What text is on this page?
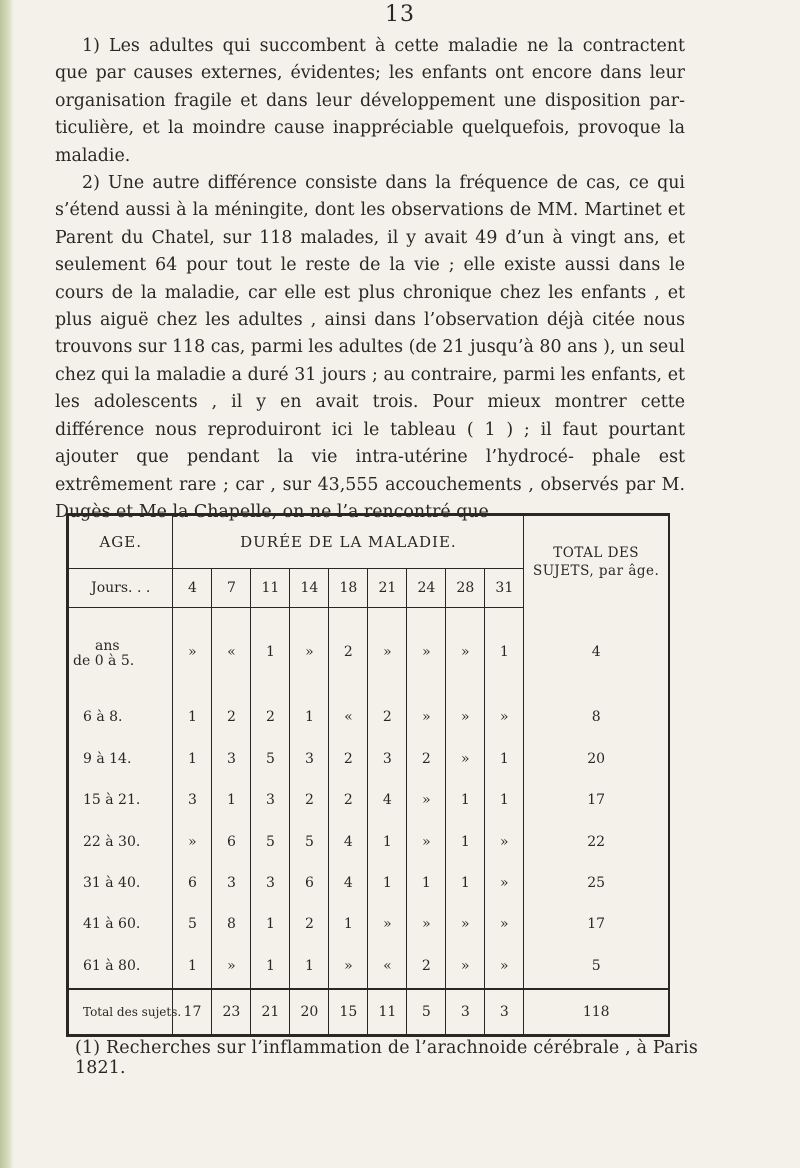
13

1) Les adultes qui succombent à cette maladie ne la contractent que par causes externes, évidentes; les enfants ont encore dans leur organisation fragile et dans leur développement une disposition par- ticulière, et la moindre cause inappréciable quelquefois, provoque la maladie.

2) Une autre différence consiste dans la fréquence de cas, ce qui s’étend aussi à la méningite, dont les observations de MM. Martinet et Parent du Chatel, sur 118 malades, il y avait 49 d’un à vingt ans, et seulement 64 pour tout le reste de la vie ; elle existe aussi dans le cours de la maladie, car elle est plus chronique chez les enfants , et plus aiguë chez les adultes , ainsi dans l’observation déjà citée nous trouvons sur 118 cas, parmi les adultes (de 21 jusqu’à 80 ans ), un seul chez qui la maladie a duré 31 jours ; au contraire, parmi les enfants, et les adolescents , il y en avait trois. Pour mieux montrer cette différence nous reproduiront ici le tableau ( 1 ) ; il faut pourtant ajouter que pendant la vie intra-utérine l’hydrocé- phale est extrêmement rare ; car , sur 43,555 accouchements , observés par M. Dugès et Me la Chapelle, on ne l’a rencontré que

AGE.	DURÉE DE LA MALADIE.									TOTAL DES SUJETS, par âge.
Jours. . .	4	7	11	14	18	21	24	28	31	

ans
de 0 à 5.	»	«	1	»	2	»	»	»	1	4
6 à 8.	1	2	2	1	«	2	»	»	»	8
9 à 14.	1	3	5	3	2	3	2	»	1	20
15 à 21.	3	1	3	2	2	4	»	1	1	17
22 à 30.	»	6	5	5	4	1	»	1	»	22
31 à 40.	6	3	3	6	4	1	1	1	»	25
41 à 60.	5	8	1	2	1	»	»	»	»	17
61 à 80.	1	»	1	1	»	«	2	»	»	5
Total des sujets.	17	23	21	20	15	11	5	3	3	118
(1) Recherches sur l’inflammation de l’arachnoide cérébrale , à Paris 1821.
